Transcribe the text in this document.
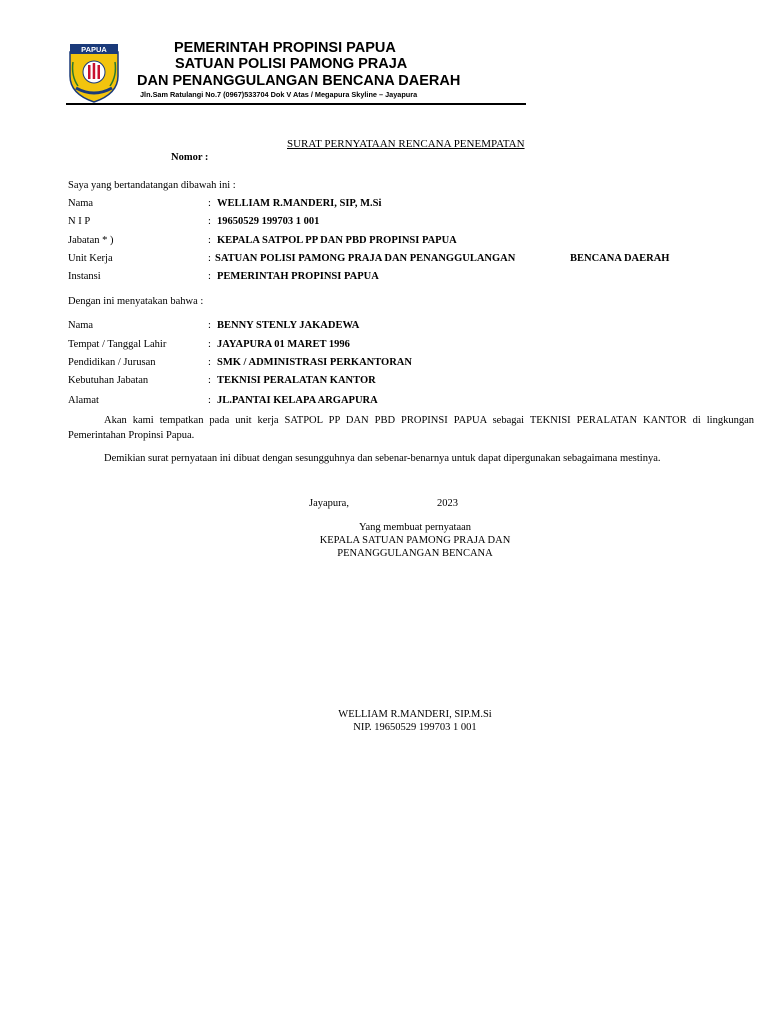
PAPUA	PEMERINTAH PROPINSI PAPUA
SATUAN POLISI PAMONG PRAJA
DAN PENANGGULANGAN BENCANA DAERAH
Jln.Sam Ratulangi No.7 (0967)533704 Dok V Atas / Megapura Skyline – Jayapura
SURAT PERNYATAAN RENCANA PENEMPATAN
Nomor :
Saya yang bertandatangan dibawah ini :
Nama	: WELLIAM R.MANDERI, SIP, M.Si
N I P	: 19650529 199703 1 001
Jabatan * )	: KEPALA SATPOL PP DAN PBD PROPINSI PAPUA
Unit Kerja	: SATUAN POLISI PAMONG PRAJA DAN PENANGGULANGAN	BENCANA DAERAH
Instansi	: PEMERINTAH PROPINSI PAPUA
Dengan ini menyatakan bahwa :
Nama	: BENNY STENLY JAKADEWA
Tempat / Tanggal Lahir	: JAYAPURA 01 MARET 1996
Pendidikan / Jurusan	: SMK / ADMINISTRASI PERKANTORAN
Kebutuhan Jabatan	: TEKNISI PERALATAN KANTOR
Alamat	: JL.PANTAI KELAPA ARGAPURA
Akan kami tempatkan pada unit kerja SATPOL PP DAN PBD PROPINSI PAPUA sebagai TEKNISI PERALATAN KANTOR di lingkungan Pemerintahan Propinsi Papua.
Demikian surat pernyataan ini dibuat dengan sesungguhnya dan sebenar-benarnya untuk dapat dipergunakan sebagaimana mestinya.
Jayapura,	2023
Yang membuat pernyataan
KEPALA SATUAN PAMONG PRAJA DAN
PENANGGULANGAN BENCANA
WELLIAM R.MANDERI, SIP.M.Si
NIP. 19650529 199703 1 001
